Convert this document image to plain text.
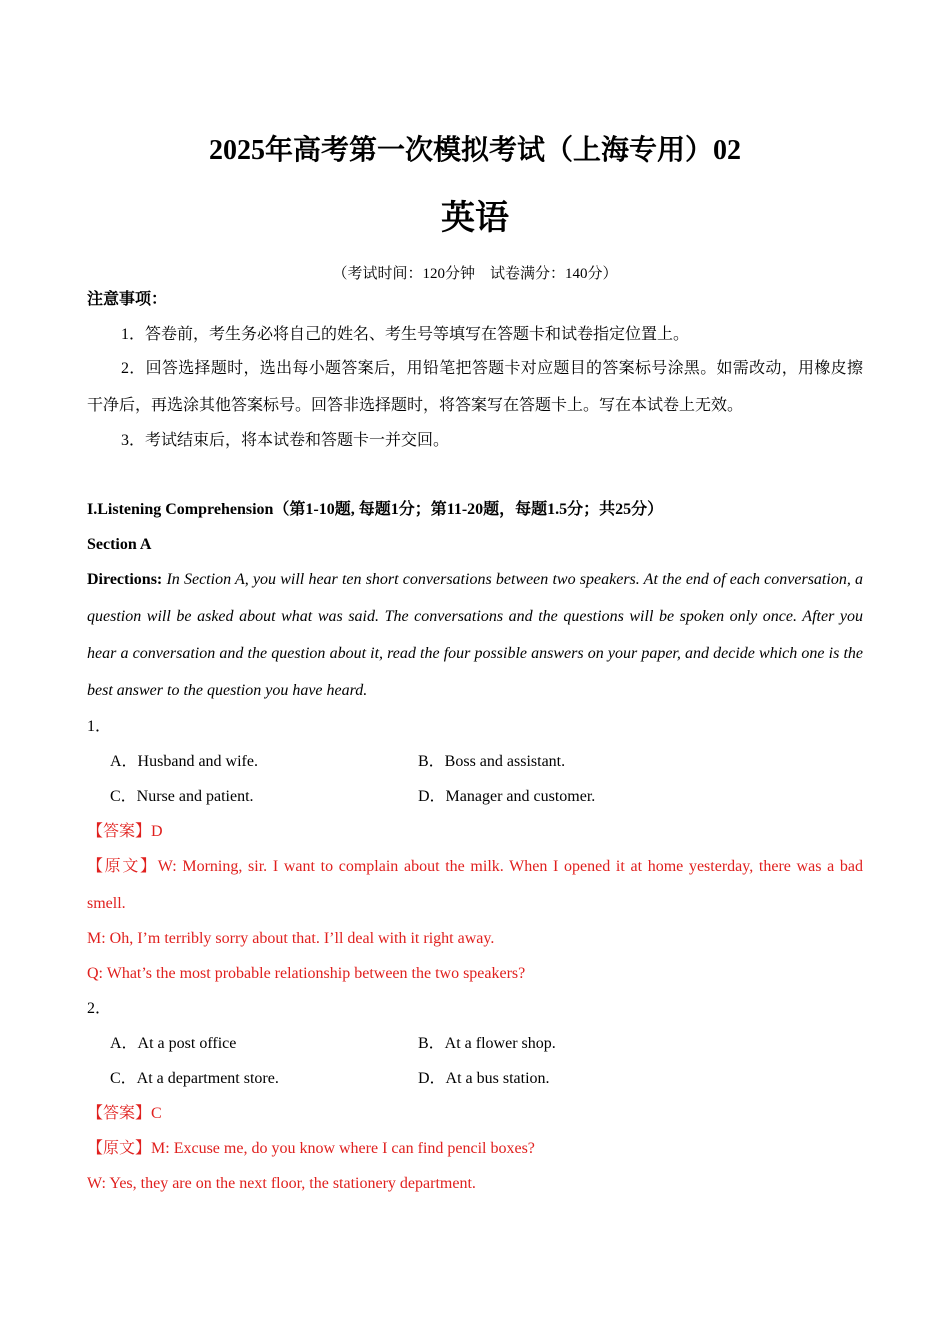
2025年高考第一次模拟考试（上海专用）02
英语
（考试时间：120分钟　试卷满分：140分）
注意事项：
1．答卷前，考生务必将自己的姓名、考生号等填写在答题卡和试卷指定位置上。
2．回答选择题时，选出每小题答案后，用铅笔把答题卡对应题目的答案标号涂黑。如需改动，用橡皮擦干净后，再选涂其他答案标号。回答非选择题时，将答案写在答题卡上。写在本试卷上无效。
3．考试结束后，将本试卷和答题卡一并交回。
I.Listening Comprehension（第1-10题, 每题1分；第11-20题，每题1.5分；共25分）
Section A
Directions: In Section A, you will hear ten short conversations between two speakers. At the end of each conversation, a question will be asked about what was said. The conversations and the questions will be spoken only once. After you hear a conversation and the question about it, read the four possible answers on your paper, and decide which one is the best answer to the question you have heard.
1．
A．Husband and wife.	B．Boss and assistant.
C．Nurse and patient.	D．Manager and customer.
【答案】D
【原文】W: Morning, sir. I want to complain about the milk. When I opened it at home yesterday, there was a bad smell.
M: Oh, I’m terribly sorry about that. I’ll deal with it right away.
Q: What’s the most probable relationship between the two speakers?
2．
A．At a post office	B．At a flower shop.
C．At a department store.	D．At a bus station.
【答案】C
【原文】M: Excuse me, do you know where I can find pencil boxes?
W: Yes, they are on the next floor, the stationery department.
